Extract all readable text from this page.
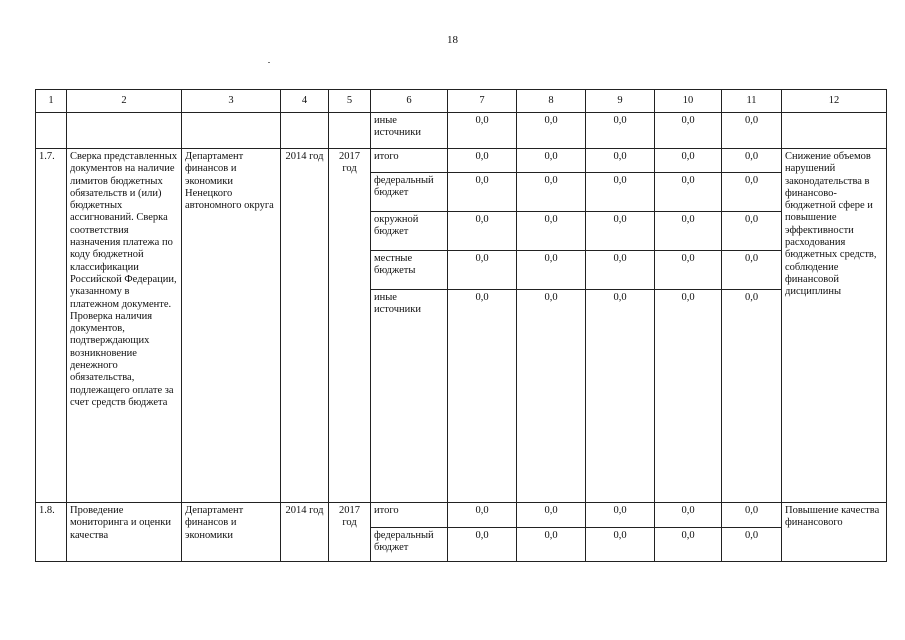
18
1	2	3	4	5	6	7	8	9	10	11	12
					иные источники	0,0	0,0	0,0	0,0	0,0	
1.7.	Сверка представленных документов на наличие лимитов бюджетных обязательств и (или) бюджетных ассигнований. Сверка соответствия назначения платежа по коду бюджетной классификации Российской Федерации, указанному в платежном документе. Проверка наличия документов, подтверждающих возникновение денежного обязательства, подлежащего оплате за счет средств бюджета	Департамент финансов и экономики Ненецкого автономного округа	2014 год	2017 год	итого	0,0	0,0	0,0	0,0	0,0	Снижение объемов нарушений законодательства в финансово-бюджетной сфере и повышение эффективности расходования бюджетных средств, соблюдение финансовой дисциплины
					федеральный бюджет	0,0	0,0	0,0	0,0	0,0	
					окружной бюджет	0,0	0,0	0,0	0,0	0,0	
					местные бюджеты	0,0	0,0	0,0	0,0	0,0	
					иные источники	0,0	0,0	0,0	0,0	0,0	
1.8.	Проведение мониторинга и оценки качества	Департамент финансов и экономики	2014 год	2017 год	итого	0,0	0,0	0,0	0,0	0,0	Повышение качества финансового
					федеральный бюджет	0,0	0,0	0,0	0,0	0,0	
